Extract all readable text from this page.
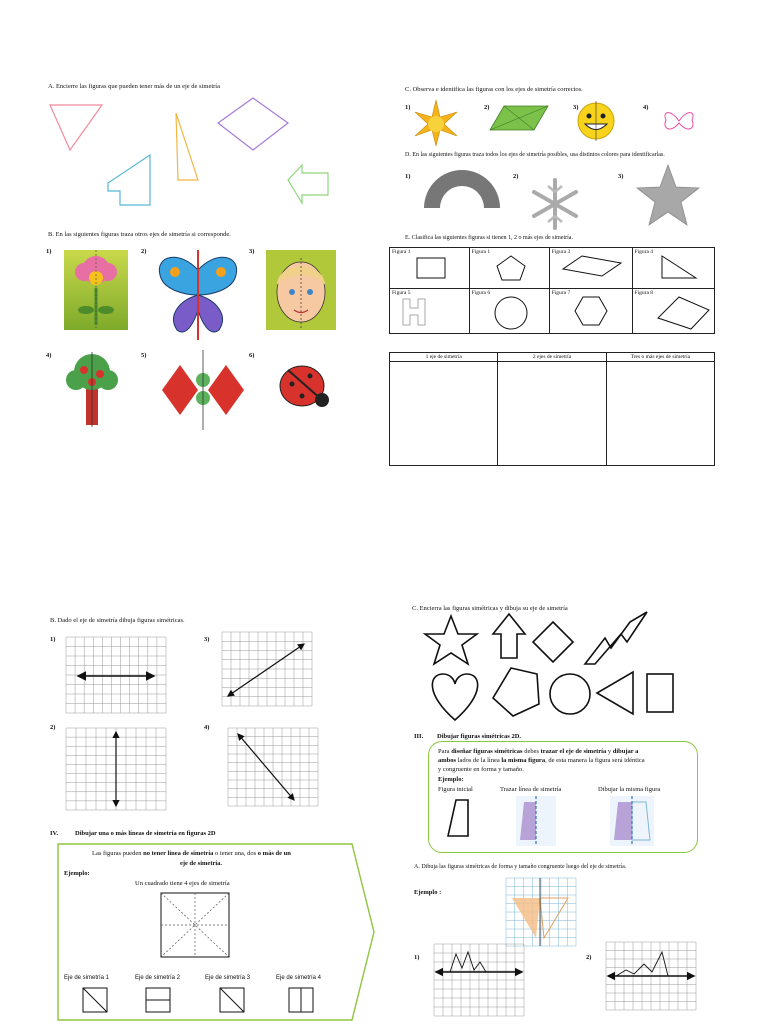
A. Encierre las figuras que pueden tener más de un eje de simetría
B. En las siguientes figuras traza otros ejes de simetría si corresponde.
1)	2)	3)
4)	5)	6)
C. Observa e identifica las figuras con los ejes de simetría correctos.
1)	2)	3)	4)
D. En las siguientes figuras traza todos los ejes de simetría posibles, usa distintos colores para identificarlas.
1)	2)	3)
E. Clasifica las siguientes figuras si tienen 1, 2 o más ejes de simetría.
Figura 1	Figura 1	Figura 3	Figura 4

Figura 5	Figura 6	Figura 7	Figura 8
1 eje de simetría	2 ejes de simetría	Tres o más ejes de simetría

B. Dado el eje de simetría dibuja figuras simétricas.
1)	3)
2)	4)
IV.	Dibujar una o más líneas de simetría en figuras 2D
Las figuras pueden no tener línea de simetría o tener una, dos o más de un
eje de simetría.
Ejemplo:
Un cuadrado tiene 4 ejes de simetría
Eje de simetría 1	Eje de simetría 2	Eje de simetría 3	Eje de simetría 4
C. Encierra las figuras simétricas y dibuja su eje de simetría
III. Dibujar figuras simétricas 2D.
Para diseñar figuras simétricas debes trazar el eje de simetría y dibujar a
ambos lados de la línea la misma figura, de esta manera la figura será idéntica
y congruente en forma y tamaño.
Ejemplo:
Figura inicial	Trazar línea de simetría	Dibujar la misma figura
A. Dibuja las figuras simétricas de forma y tamaño congruente luego del eje de simetría.
Ejemplo :
1)	2)
